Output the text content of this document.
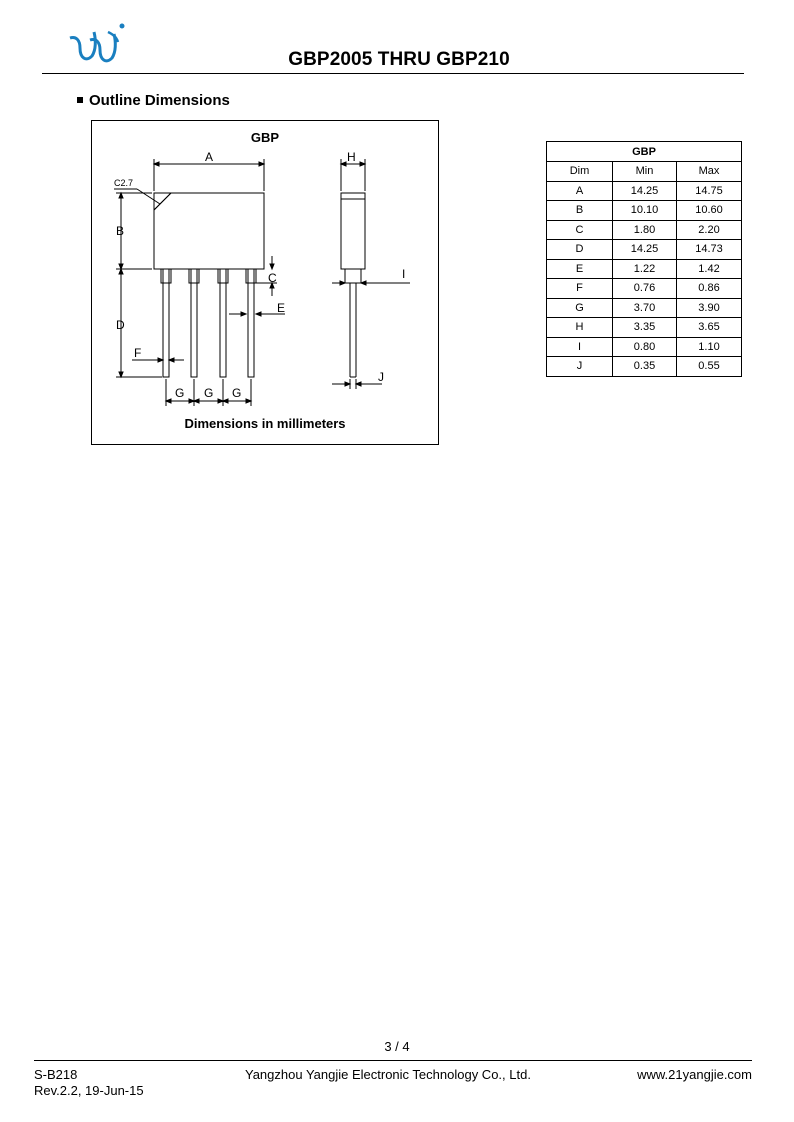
GBP2005 THRU GBP210
Outline Dimensions
GBP
A
C2.7
B
D
C
E
F
G G G
H
I
J
Dimensions in millimeters
GBP		
Dim	Min	Max
A	14.25	14.75
B	10.10	10.60
C	1.80	2.20
D	14.25	14.73
E	1.22	1.42
F	0.76	0.86
G	3.70	3.90
H	3.35	3.65
I	0.80	1.10
J	0.35	0.55
3 / 4
S-B218
Rev.2.2, 19-Jun-15
Yangzhou Yangjie Electronic Technology Co., Ltd.	www.21yangjie.com
